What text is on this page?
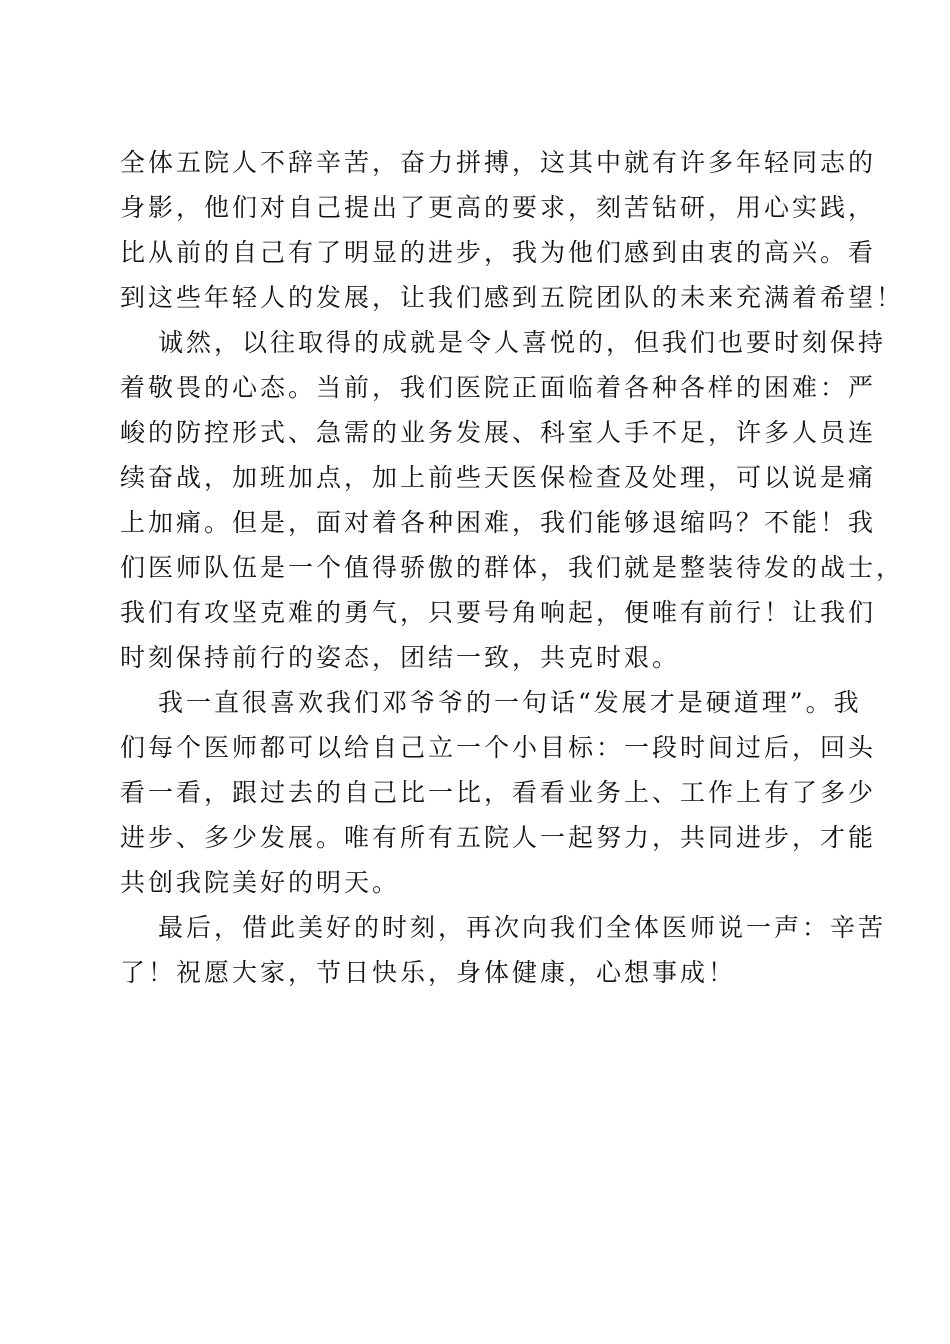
全体五院人不辞辛苦，奋力拼搏，这其中就有许多年轻同志的
身影，他们对自己提出了更高的要求，刻苦钻研，用心实践，
比从前的自己有了明显的进步，我为他们感到由衷的高兴。看
到这些年轻人的发展，让我们感到五院团队的未来充满着希望！
诚然，以往取得的成就是令人喜悦的，但我们也要时刻保持
着敬畏的心态。当前，我们医院正面临着各种各样的困难：严
峻的防控形式、急需的业务发展、科室人手不足，许多人员连
续奋战，加班加点，加上前些天医保检查及处理，可以说是痛
上加痛。但是，面对着各种困难，我们能够退缩吗？不能！我
们医师队伍是一个值得骄傲的群体，我们就是整装待发的战士，
我们有攻坚克难的勇气，只要号角响起，便唯有前行！让我们
时刻保持前行的姿态，团结一致，共克时艰。
我一直很喜欢我们邓爷爷的一句话“发展才是硬道理”。我
们每个医师都可以给自己立一个小目标：一段时间过后，回头
看一看，跟过去的自己比一比，看看业务上、工作上有了多少
进步、多少发展。唯有所有五院人一起努力，共同进步，才能
共创我院美好的明天。
最后，借此美好的时刻，再次向我们全体医师说一声：辛苦
了！祝愿大家，节日快乐，身体健康，心想事成！
